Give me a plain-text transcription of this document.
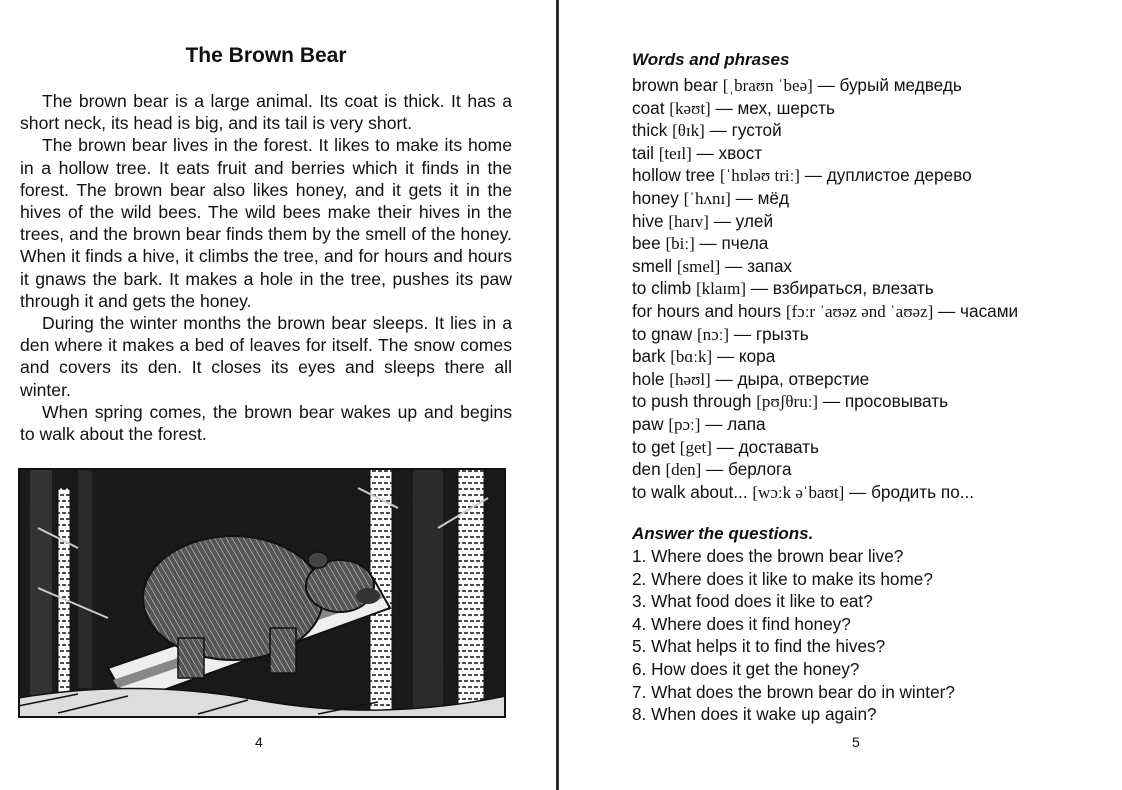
The Brown Bear

The brown bear is a large animal. Its coat is thick. It has a short neck, its head is big, and its tail is very short.

The brown bear lives in the forest. It likes to make its home in a hollow tree. It eats fruit and berries which it finds in the forest. The brown bear also likes honey, and it gets it in the hives of the wild bees. The wild bees make their hives in the trees, and the brown bear finds them by the smell of the honey. When it finds a hive, it climbs the tree, and for hours and hours it gnaws the bark. It makes a hole in the tree, pushes its paw through it and gets the honey.

During the winter months the brown bear sleeps. It lies in a den where it makes a bed of leaves for itself. The snow comes and covers its den. It closes its eyes and sleeps there all winter.

When spring comes, the brown bear wakes up and begins to walk about the forest.

4
Words and phrases
brown bear [ˌbraʊn ˈbeə] — бурый медведь
coat [kəʊt] — мех, шерсть
thick [θɪk] — густой
tail [teɪl] — хвост
hollow tree [ˈhɒləʊ triː] — дуплистое дерево
honey [ˈhʌnɪ] — мёд
hive [haɪv] — улей
bee [biː] — пчела
smell [smel] — запах
to climb [klaɪm] — взбираться, влезать
for hours and hours [fɔːr ˈaʊəz ənd ˈaʊəz] — часами
to gnaw [nɔː] — грызть
bark [bɑːk] — кора
hole [həʊl] — дыра, отверстие
to push through [pʊʃθruː] — просовывать
paw [pɔː] — лапа
to get [get] — доставать
den [den] — берлога
to walk about... [wɔːk əˈbaʊt] — бродить по...
Answer the questions.
1. Where does the brown bear live?
2. Where does it like to make its home?
3. What food does it like to eat?
4. Where does it find honey?
5. What helps it to find the hives?
6. How does it get the honey?
7. What does the brown bear do in winter?
8. When does it wake up again?
5
